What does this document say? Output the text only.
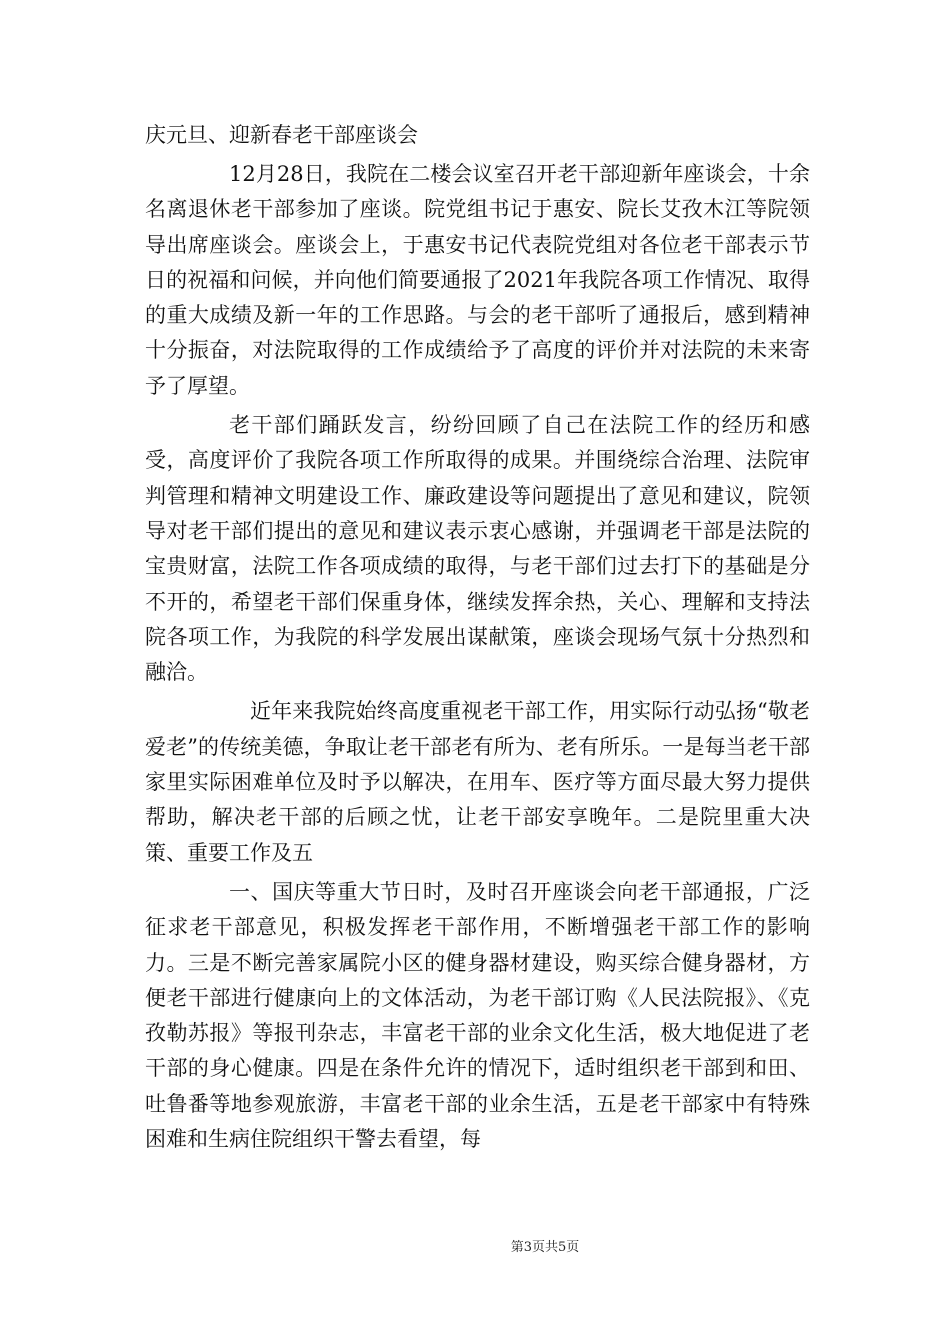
庆元旦、迎新春老干部座谈会

12月28日，我院在二楼会议室召开老干部迎新年座谈会，十余名离退休老干部参加了座谈。院党组书记于惠安、院长艾孜木江等院领导出席座谈会。座谈会上，于惠安书记代表院党组对各位老干部表示节日的祝福和问候，并向他们简要通报了2021年我院各项工作情况、取得的重大成绩及新一年的工作思路。与会的老干部听了通报后，感到精神十分振奋，对法院取得的工作成绩给予了高度的评价并对法院的未来寄予了厚望。

老干部们踊跃发言，纷纷回顾了自己在法院工作的经历和感受，高度评价了我院各项工作所取得的成果。并围绕综合治理、法院审判管理和精神文明建设工作、廉政建设等问题提出了意见和建议，院领导对老干部们提出的意见和建议表示衷心感谢，并强调老干部是法院的宝贵财富，法院工作各项成绩的取得，与老干部们过去打下的基础是分不开的，希望老干部们保重身体，继续发挥余热，关心、理解和支持法院各项工作，为我院的科学发展出谋献策，座谈会现场气氛十分热烈和融洽。

近年来我院始终高度重视老干部工作，用实际行动弘扬“敬老爱老”的传统美德，争取让老干部老有所为、老有所乐。一是每当老干部家里实际困难单位及时予以解决，在用车、医疗等方面尽最大努力提供帮助，解决老干部的后顾之忧，让老干部安享晚年。二是院里重大决策、重要工作及五

一、国庆等重大节日时，及时召开座谈会向老干部通报，广泛征求老干部意见，积极发挥老干部作用，不断增强老干部工作的影响力。三是不断完善家属院小区的健身器材建设，购买综合健身器材，方便老干部进行健康向上的文体活动，为老干部订购《人民法院报》、《克孜勒苏报》等报刊杂志，丰富老干部的业余文化生活，极大地促进了老干部的身心健康。四是在条件允许的情况下，适时组织老干部到和田、吐鲁番等地参观旅游，丰富老干部的业余生活，五是老干部家中有特殊困难和生病住院组织干警去看望，每

第3页共5页
